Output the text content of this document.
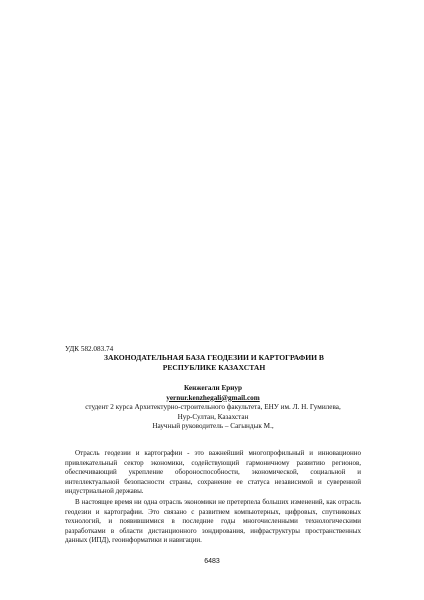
УДК 582.083.74
ЗАКОНОДАТЕЛЬНАЯ БАЗА ГЕОДЕЗИИ И КАРТОГРАФИИ В
РЕСПУБЛИКЕ КАЗАХСТАН
Кенжегали Ернур
yernur.kenzhegali@gmail.com
студент 2 курса Архитектурно-строительного факультета, ЕНУ им. Л. Н. Гумилева,
Нур-Султан, Казахстан
Научный руководитель – Сагындык М.,

Отрасль геодезии и картографии - это важнейший многопрофильный и инновационно привлекательный сектор экономики, содействующий гармоничному развитию регионов, обеспечивающий укрепление обороноспособности, экономической, социальной и интеллектуальной безопасности страны, сохранение ее статуса независимой и суверенной индустриальной державы.

В настоящее время ни одна отрасль экономики не претерпела больших изменений, как отрасль геодезии и картографии. Это связано с развитием компьютерных, цифровых, спутниковых технологий, и появившимися в последние годы многочисленными технологическими разработками в области дистанционного зондирования, инфраструктуры пространственных данных (ИПД), геоинформатики и навигации.

6483
